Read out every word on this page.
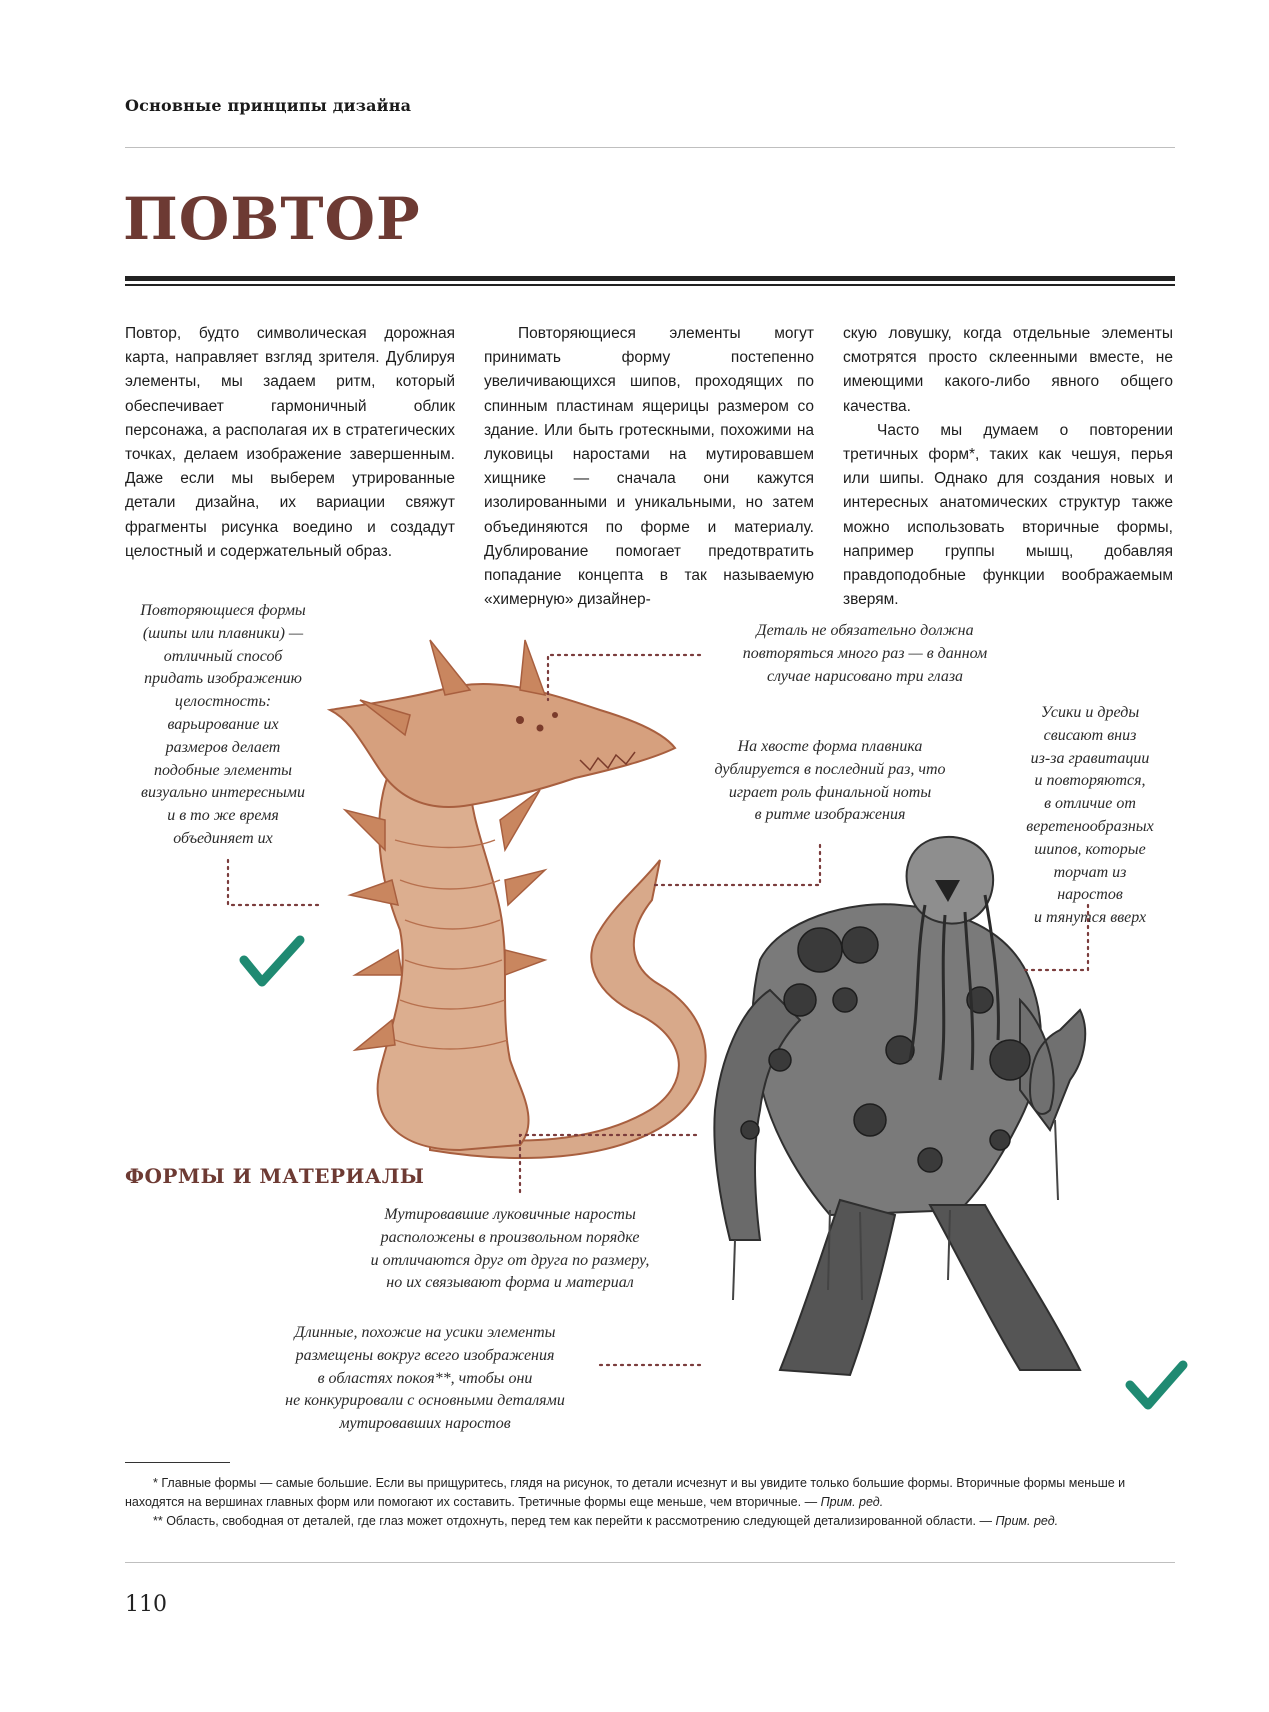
Основные принципы дизайна
ПОВТОР

Повтор, будто символическая дорожная карта, направляет взгляд зрителя. Дублируя элементы, мы задаем ритм, который обеспечивает гармоничный облик персонажа, а располагая их в стратегических точках, делаем изображение завершенным. Даже если мы выберем утрированные детали дизайна, их вариации свяжут фрагменты рисунка воедино и создадут целостный и содержательный образ.

Повторяющиеся элементы могут принимать форму постепенно увеличивающихся шипов, проходящих по спинным пластинам ящерицы размером со здание. Или быть гротескными, похожими на луковицы наростами на мутировавшем хищнике — сначала они кажутся изолированными и уникальными, но затем объединяются по форме и материалу. Дублирование помогает предотвратить попадание концепта в так называемую «химерную» дизайнер-

скую ловушку, когда отдельные элементы смотрятся просто склеенными вместе, не имеющими какого-либо явного общего качества.

Часто мы думаем о повторении третичных форм*, таких как чешуя, перья или шипы. Однако для создания новых и интересных анатомических структур также можно использовать вторичные формы, например группы мышц, добавляя правдоподобные функции воображаемым зверям.

Повторяющиеся формы
(шипы или плавники) —
отличный способ
придать изображению
целостность:
варьирование их
размеров делает
подобные элементы
визуально интересными
и в то же время
объединяет их
Деталь не обязательно должна
повторяться много раз — в данном
случае нарисовано три глаза
На хвосте форма плавника
дублируется в последний раз, что
играет роль финальной ноты
в ритме изображения
Усики и дреды
свисают вниз
из-за гравитации
и повторяются,
в отличие от
веретенообразных
шипов, которые
торчат из
наростов
и тянутся вверх
Мутировавшие луковичные наросты
расположены в произвольном порядке
и отличаются друг от друга по размеру,
но их связывают форма и материал
Длинные, похожие на усики элементы
размещены вокруг всего изображения
в областях покоя**, чтобы они
не конкурировали с основными деталями
мутировавших наростов
ФОРМЫ И МАТЕРИАЛЫ

* Главные формы — самые большие. Если вы прищуритесь, глядя на рисунок, то детали исчезнут и вы увидите только большие формы. Вторичные формы меньше и находятся на вершинах главных форм или помогают их составить. Третичные формы еще меньше, чем вторичные. — Прим. ред.

** Область, свободная от деталей, где глаз может отдохнуть, перед тем как перейти к рассмотрению следующей детализированной области. — Прим. ред.

110
